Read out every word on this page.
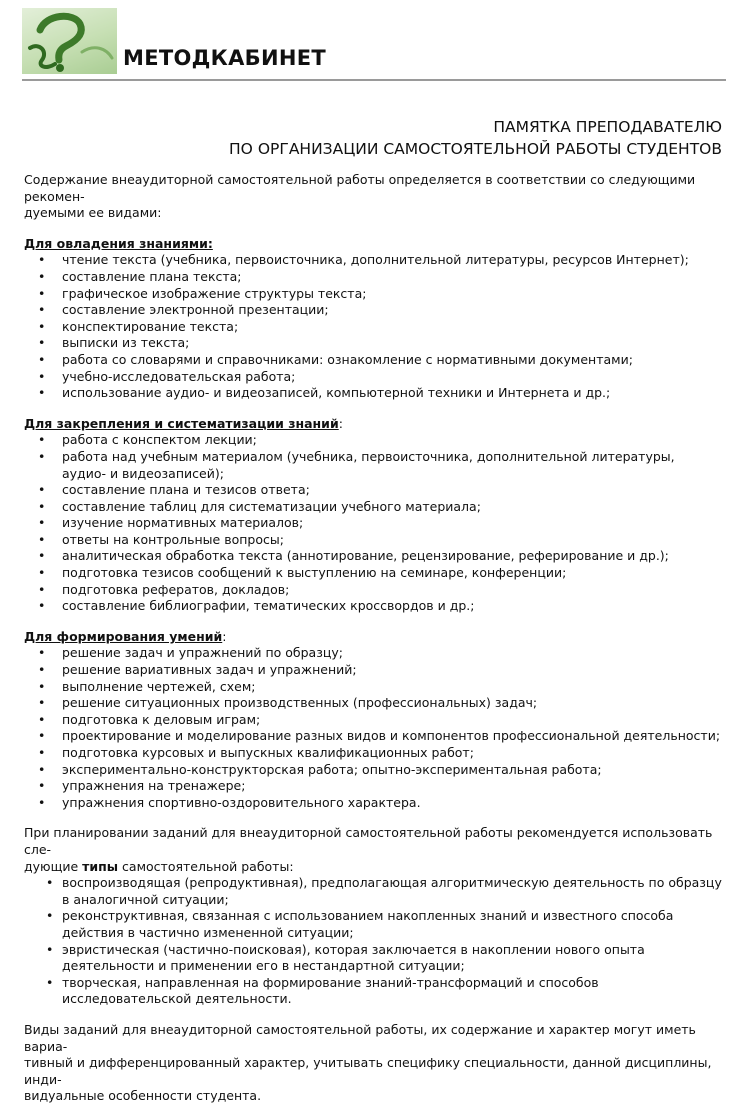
МЕТОДКАБИНЕТ
ПАМЯТКА ПРЕПОДАВАТЕЛЮ
ПО ОРГАНИЗАЦИИ САМОСТОЯТЕЛЬНОЙ РАБОТЫ СТУДЕНТОВ

Содержание внеаудиторной самостоятельной работы определяется в соответствии со следующими рекомен-

дуемыми ее видами:

Для овладения знаниями:

• чтение текста (учебника, первоисточника, дополнительной литературы, ресурсов Интернет);
• составление плана текста;
• графическое изображение структуры текста;
• составление электронной презентации;
• конспектирование текста;
• выписки из текста;
• работа со словарями и справочниками: ознакомление с нормативными документами;
• учебно-исследовательская работа;
• использование аудио- и видеозаписей, компьютерной техники и Интернета и др.;

Для закрепления и систематизации знаний:

• работа с конспектом лекции;
• работа над учебным материалом (учебника, первоисточника, дополнительной литературы, аудио- и видеозаписей);
• составление плана и тезисов ответа;
• составление таблиц для систематизации учебного материала;
• изучение нормативных материалов;
• ответы на контрольные вопросы;
• аналитическая обработка текста (аннотирование, рецензирование, реферирование и др.);
• подготовка тезисов сообщений к выступлению на семинаре, конференции;
• подготовка рефератов, докладов;
• составление библиографии, тематических кроссвордов и др.;

Для формирования умений:

• решение задач и упражнений по образцу;
• решение вариативных задач и упражнений;
• выполнение чертежей, схем;
• решение ситуационных производственных (профессиональных) задач;
• подготовка к деловым играм;
• проектирование и моделирование разных видов и компонентов профессиональной деятельности;
• подготовка курсовых и выпускных квалификационных работ;
• экспериментально-конструкторская работа; опытно-экспериментальная работа;
• упражнения на тренажере;
• упражнения спортивно-оздоровительного характера.

При планировании заданий для внеаудиторной самостоятельной работы рекомендуется использовать сле-

дующие типы самостоятельной работы:

• воспроизводящая (репродуктивная), предполагающая алгоритмическую деятельность по образцу в аналогичной ситуации;
• реконструктивная, связанная с использованием накопленных знаний и известного способа действия в частично измененной ситуации;
• эвристическая (частично-поисковая), которая заключается в накоплении нового опыта деятельности и применении его в нестандартной ситуации;
• творческая, направленная на формирование знаний-трансформаций и способов исследовательской деятельности.

Виды заданий для внеаудиторной самостоятельной работы, их содержание и характер могут иметь вариа-

тивный и дифференцированный характер, учитывать специфику специальности, данной дисциплины, инди-

видуальные особенности студента.
